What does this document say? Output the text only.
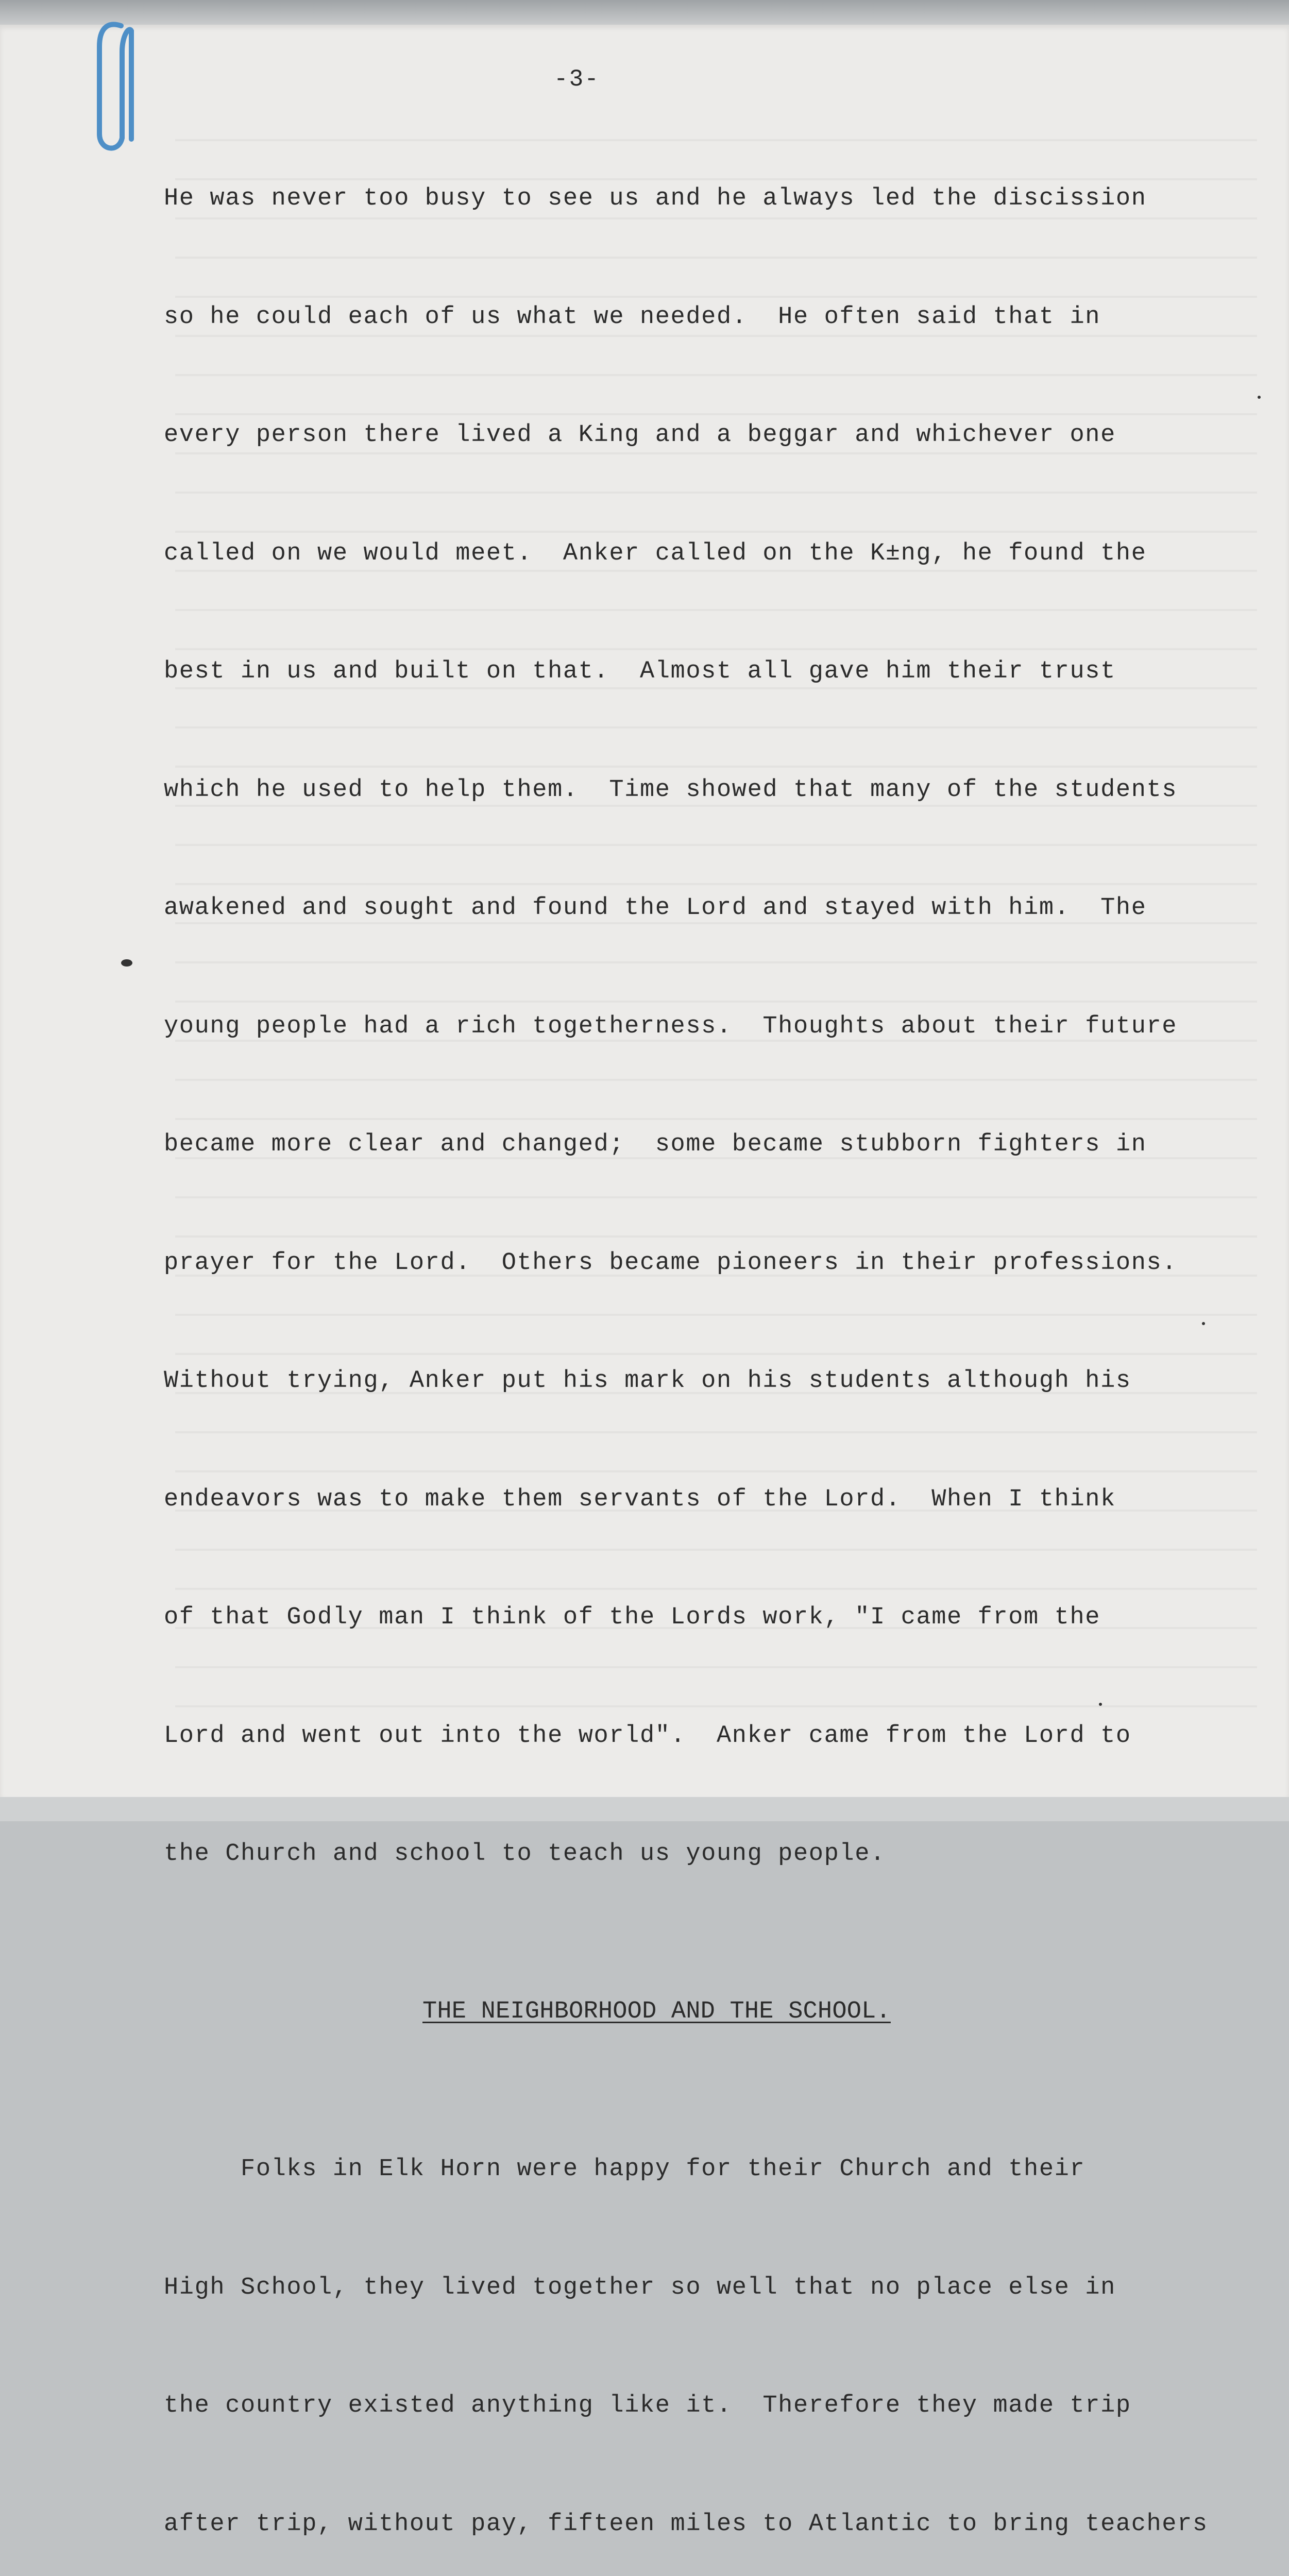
-3-

He was never too busy to see us and he always led the discission

so he could each of us what we needed.  He often said that in

every person there lived a King and a beggar and whichever one

called on we would meet.  Anker called on the K±ng, he found the

best in us and built on that.  Almost all gave him their trust

which he used to help them.  Time showed that many of the students

awakened and sought and found the Lord and stayed with him.  The

young people had a rich togetherness.  Thoughts about their future

became more clear and changed;  some became stubborn fighters in

prayer for the Lord.  Others became pioneers in their professions.

Without trying, Anker put his mark on his students although his

endeavors was to make them servants of the Lord.  When I think

of that Godly man I think of the Lords work, "I came from the

Lord and went out into the world".  Anker came from the Lord to

the Church and school to teach us young people.

THE NEIGHBORHOOD AND THE SCHOOL.

Folks in Elk Horn were happy for their Church and their

High School, they lived together so well that no place else in

the country existed anything like it.  Therefore they made trip

after trip, without pay, fifteen miles to Atlantic to bring teachers
